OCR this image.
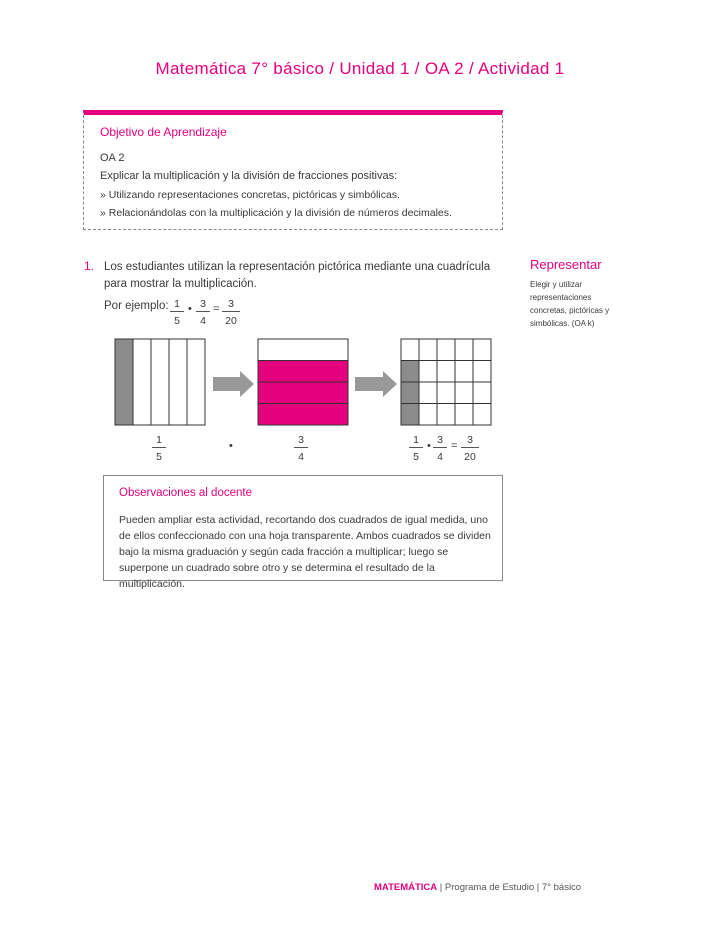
Matemática 7° básico / Unidad 1 / OA 2 / Actividad 1
Objetivo de Aprendizaje
OA 2
Explicar la multiplicación y la división de fracciones positivas:
» Utilizando representaciones concretas, pictóricas y simbólicas.
» Relacionándolas con la multiplicación y la división de números decimales.
1. Los estudiantes utilizan la representación pictórica mediante una cuadrícula para mostrar la multiplicación.
Por ejemplo: $\frac{1}{5}$ • $\frac{3}{4} = \frac{3}{20}$
$\frac{1}{5}$	•	$\frac{3}{4}$	$\frac{1}{5}$ • $\frac{3}{4} = \frac{3}{20}$
Representar
Elegir y utilizar representaciones concretas, pictóricas y simbólicas. (OA k)
Observaciones al docente
Pueden ampliar esta actividad, recortando dos cuadrados de igual medida, uno de ellos confeccionado con una hoja transparente. Ambos cuadrados se dividen bajo la misma graduación y según cada fracción a multiplicar; luego se superpone un cuadrado sobre otro y se determina el resultado de la multiplicación.
MATEMÁTICA | Programa de Estudio | 7° básico
